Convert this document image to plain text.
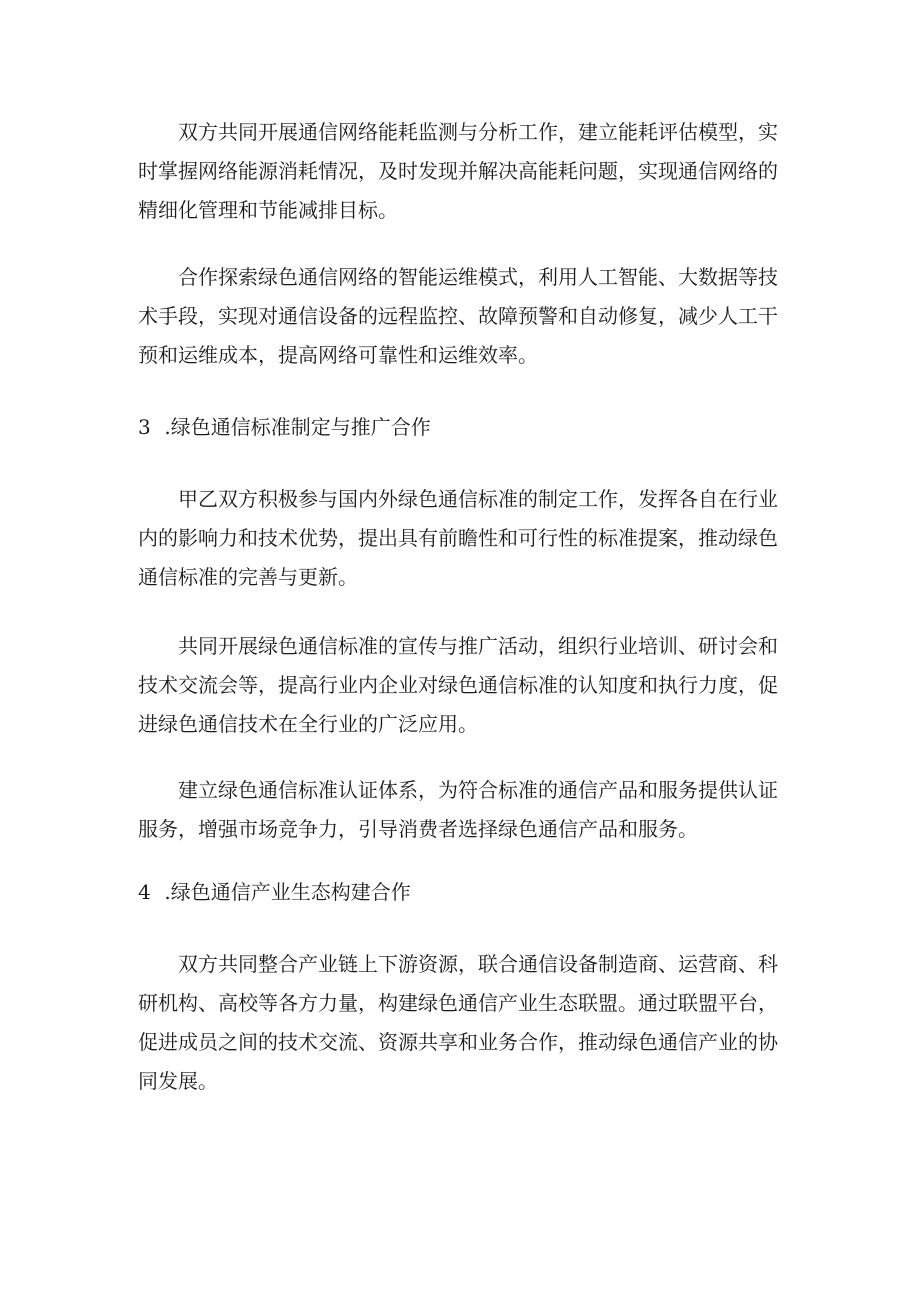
双方共同开展通信网络能耗监测与分析工作，建立能耗评估模型，实时掌握网络能源消耗情况，及时发现并解决高能耗问题，实现通信网络的精细化管理和节能减排目标。

合作探索绿色通信网络的智能运维模式，利用人工智能、大数据等技术手段，实现对通信设备的远程监控、故障预警和自动修复，减少人工干预和运维成本，提高网络可靠性和运维效率。

3 .绿色通信标准制定与推广合作

甲乙双方积极参与国内外绿色通信标准的制定工作，发挥各自在行业内的影响力和技术优势，提出具有前瞻性和可行性的标准提案，推动绿色通信标准的完善与更新。

共同开展绿色通信标准的宣传与推广活动，组织行业培训、研讨会和技术交流会等，提高行业内企业对绿色通信标准的认知度和执行力度，促进绿色通信技术在全行业的广泛应用。

建立绿色通信标准认证体系，为符合标准的通信产品和服务提供认证服务，增强市场竞争力，引导消费者选择绿色通信产品和服务。

4 .绿色通信产业生态构建合作

双方共同整合产业链上下游资源，联合通信设备制造商、运营商、科研机构、高校等各方力量，构建绿色通信产业生态联盟。通过联盟平台，促进成员之间的技术交流、资源共享和业务合作，推动绿色通信产业的协同发展。
